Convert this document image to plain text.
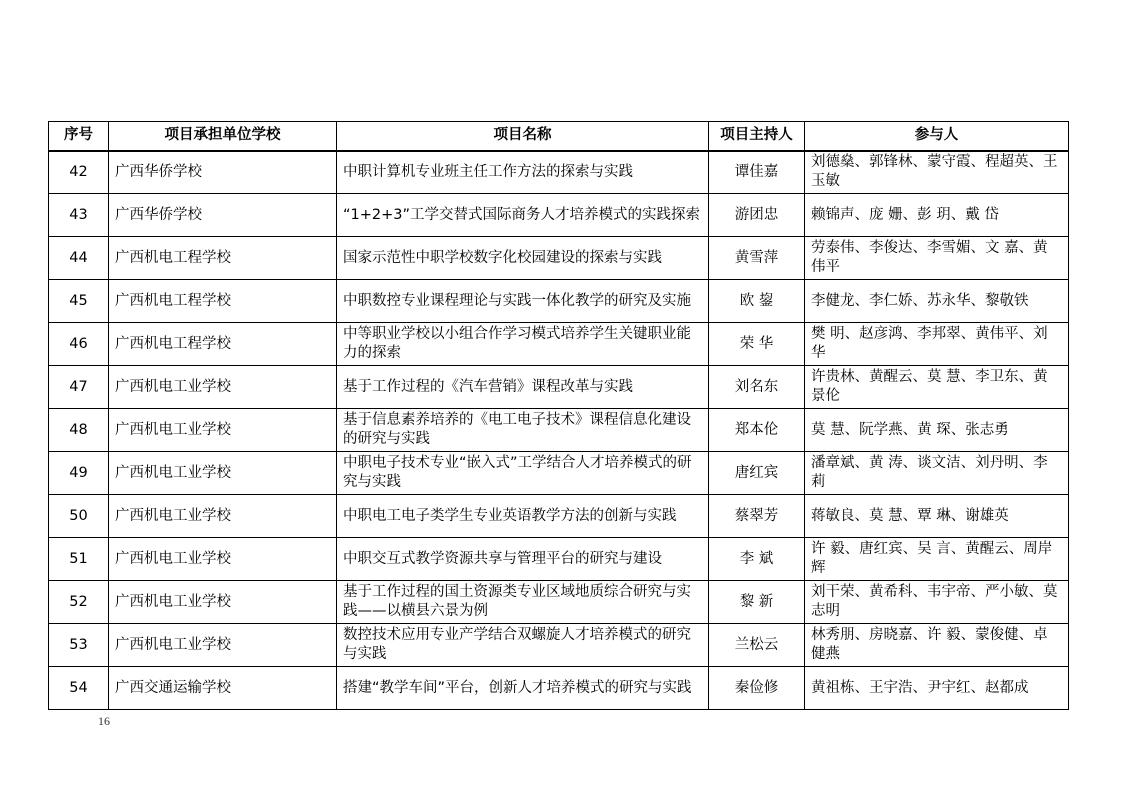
序号	项目承担单位学校	项目名称	项目主持人	参与人
42	广西华侨学校	中职计算机专业班主任工作方法的探索与实践	谭佳嘉	刘德燊、郭锋林、蒙守霞、程超英、王玉敏
43	广西华侨学校	“1+2+3”工学交替式国际商务人才培养模式的实践探索	游团忠	赖锦声、庞 姗、彭 玥、戴 岱
44	广西机电工程学校	国家示范性中职学校数字化校园建设的探索与实践	黄雪萍	劳泰伟、李俊达、李雪媚、文 嘉、黄伟平
45	广西机电工程学校	中职数控专业课程理论与实践一体化教学的研究及实施	欧 鋆	李健龙、李仁娇、苏永华、黎敬铁
46	广西机电工程学校	中等职业学校以小组合作学习模式培养学生关键职业能力的探索	荣 华	樊 明、赵彦鸿、李邦翠、黄伟平、刘 华
47	广西机电工业学校	基于工作过程的《汽车营销》课程改革与实践	刘名东	许贵林、黄醒云、莫 慧、李卫东、黄景伦
48	广西机电工业学校	基于信息素养培养的《电工电子技术》课程信息化建设的研究与实践	郑本伦	莫 慧、阮学燕、黄 琛、张志勇
49	广西机电工业学校	中职电子技术专业“嵌入式”工学结合人才培养模式的研究与实践	唐红宾	潘章斌、黄 涛、谈文洁、刘丹明、李 莉
50	广西机电工业学校	中职电工电子类学生专业英语教学方法的创新与实践	蔡翠芳	蒋敏良、莫 慧、覃 琳、谢雄英
51	广西机电工业学校	中职交互式教学资源共享与管理平台的研究与建设	李 斌	许 毅、唐红宾、吴 言、黄醒云、周岸辉
52	广西机电工业学校	基于工作过程的国土资源类专业区域地质综合研究与实践——以横县六景为例	黎 新	刘干荣、黄希科、韦宇帝、严小敏、莫志明
53	广西机电工业学校	数控技术应用专业产学结合双螺旋人才培养模式的研究与实践	兰松云	林秀朋、房晓嘉、许 毅、蒙俊健、卓健燕
54	广西交通运输学校	搭建“教学车间”平台，创新人才培养模式的研究与实践	秦俭修	黄祖栋、王宇浩、尹宇红、赵都成
16
